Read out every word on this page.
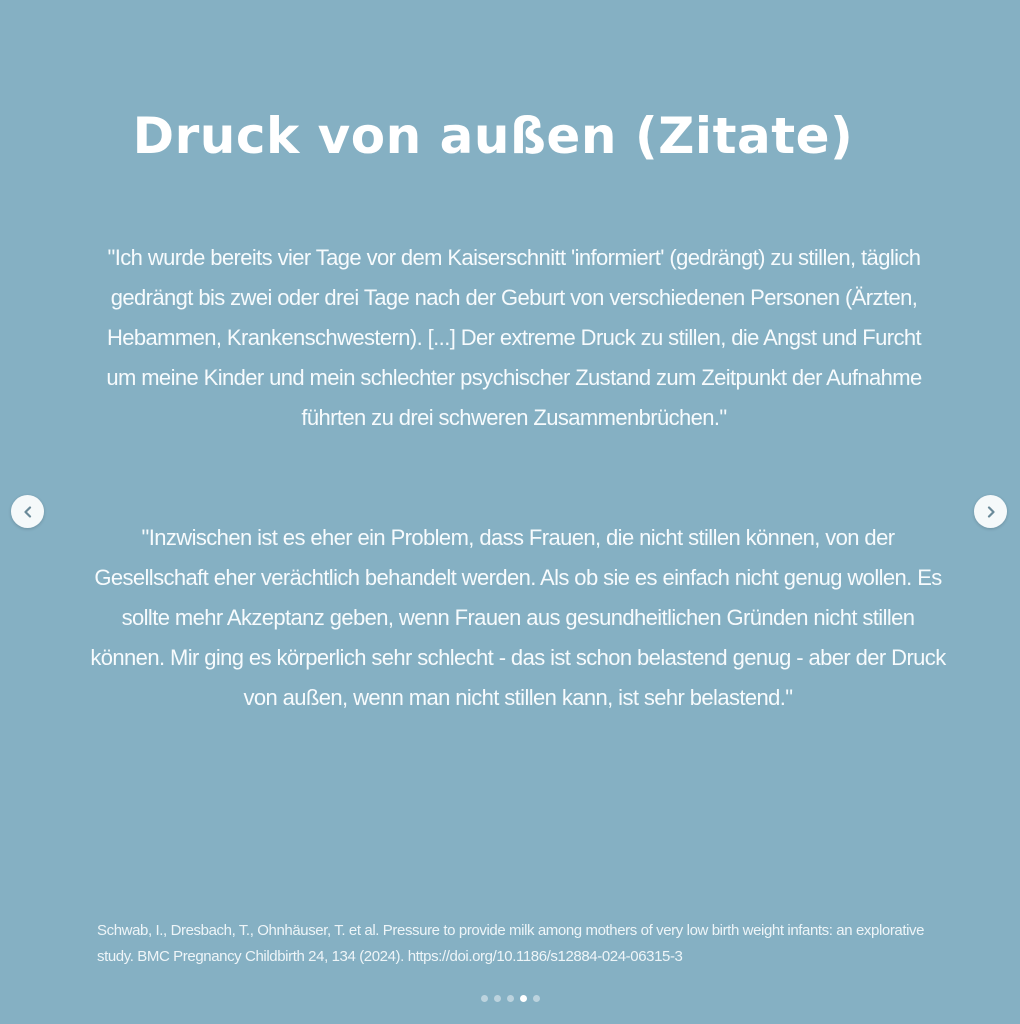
Druck von außen (Zitate)

"Ich wurde bereits vier Tage vor dem Kaiserschnitt 'informiert' (gedrängt) zu stillen, täglich gedrängt bis zwei oder drei Tage nach der Geburt von verschiedenen Personen (Ärzten, Hebammen, Krankenschwestern). [...] Der extreme Druck zu stillen, die Angst und Furcht um meine Kinder und mein schlechter psychischer Zustand zum Zeitpunkt der Aufnahme führten zu drei schweren Zusammenbrüchen."

"Inzwischen ist es eher ein Problem, dass Frauen, die nicht stillen können, von der Gesellschaft eher verächtlich behandelt werden. Als ob sie es einfach nicht genug wollen. Es sollte mehr Akzeptanz geben, wenn Frauen aus gesundheitlichen Gründen nicht stillen können. Mir ging es körperlich sehr schlecht - das ist schon belastend genug - aber der Druck von außen, wenn man nicht stillen kann, ist sehr belastend."

Schwab, I., Dresbach, T., Ohnhäuser, T. et al. Pressure to provide milk among mothers of very low birth weight infants: an explorative study. BMC Pregnancy Childbirth 24, 134 (2024). https://doi.org/10.1186/s12884-024-06315-3
